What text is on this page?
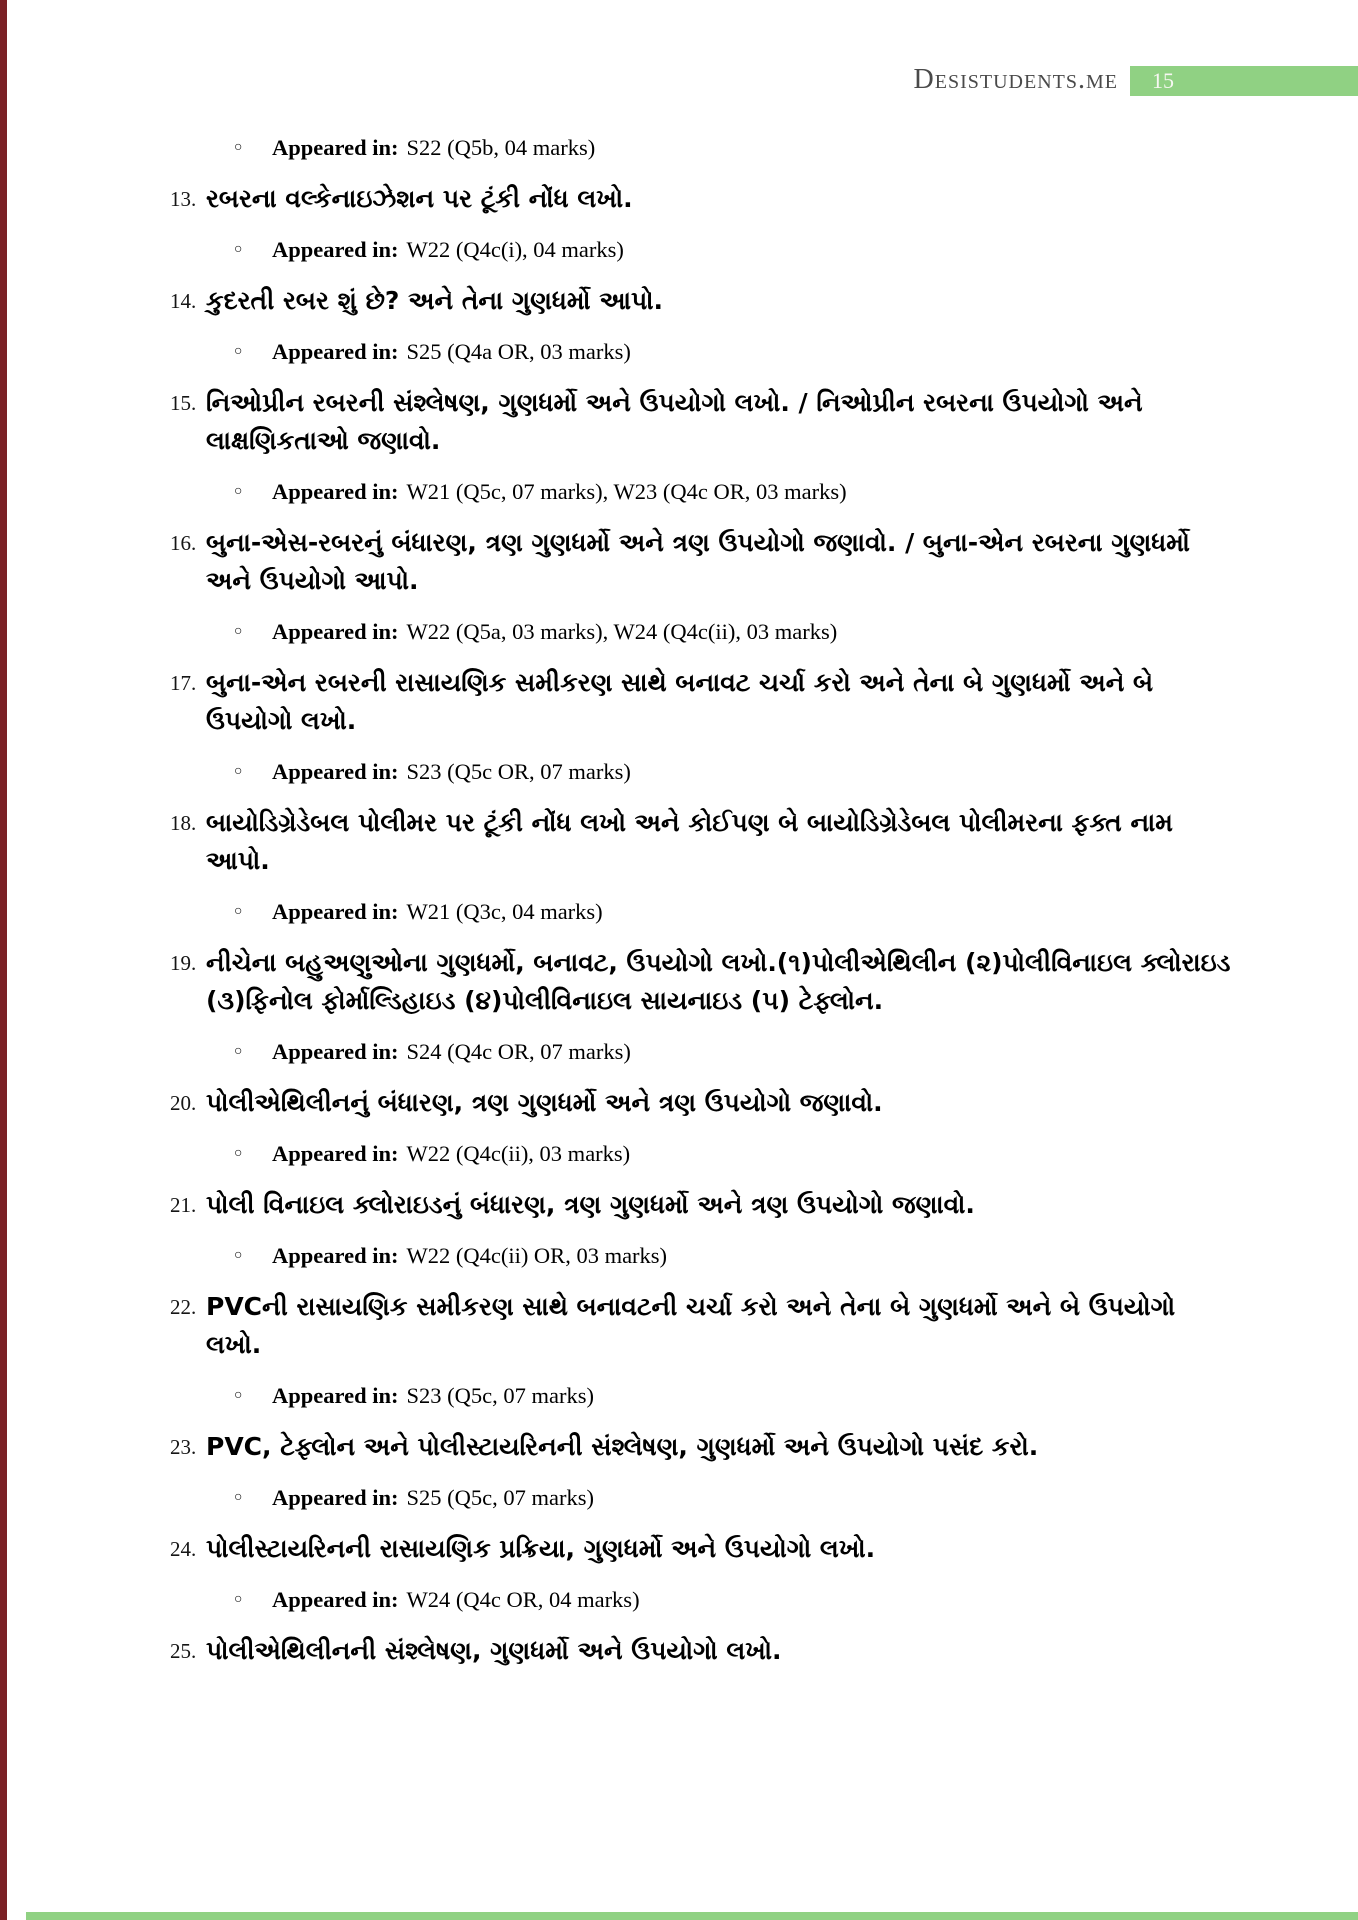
Desistudents.me	15
○	Appeared in: S22 (Q5b, 04 marks)
13. રબરના વલ્કેનાઇઝેશન પર ટૂંકી નોંધ લખો.
○	Appeared in: W22 (Q4c(i), 04 marks)
14. કુદરતી રબર શું છે? અને તેના ગુણધર્મો આપો.
○	Appeared in: S25 (Q4a OR, 03 marks)
15. નિઓપ્રીન રબરની સંશ્લેષણ, ગુણધર્મો અને ઉપયોગો લખો. / નિઓપ્રીન રબરના ઉપયોગો અને લાક્ષણિકતાઓ જણાવો.
○	Appeared in: W21 (Q5c, 07 marks), W23 (Q4c OR, 03 marks)
16. બુના-એસ-રબરનું બંધારણ, ત્રણ ગુણધર્મો અને ત્રણ ઉપયોગો જણાવો. / બુના-એન રબરના ગુણધર્મો અને ઉપયોગો આપો.
○	Appeared in: W22 (Q5a, 03 marks), W24 (Q4c(ii), 03 marks)
17. બુના-એન રબરની રાસાયણિક સમીકરણ સાથે બનાવટ ચર્ચા કરો અને તેના બે ગુણધર્મો અને બે ઉપયોગો લખો.
○	Appeared in: S23 (Q5c OR, 07 marks)
18. બાયોડિગ્રેડેબલ પોલીમર પર ટૂંકી નોંધ લખો અને કોઈપણ બે બાયોડિગ્રેડેબલ પોલીમરના ફક્ત નામ આપો.
○	Appeared in: W21 (Q3c, 04 marks)
19. નીચેના બહુઅણુઓના ગુણધર્મો, બનાવટ, ઉપયોગો લખો.(૧)પોલીએથિલીન (૨)પોલીવિનાઇલ ક્લોરાઇડ (૩)ફિનોલ ફોર્માલ્ડિહાઇડ (૪)પોલીવિનાઇલ સાયનાઇડ (૫) ટેફ્લોન.
○	Appeared in: S24 (Q4c OR, 07 marks)
20. પોલીએથિલીનનું બંધારણ, ત્રણ ગુણધર્મો અને ત્રણ ઉપયોગો જણાવો.
○	Appeared in: W22 (Q4c(ii), 03 marks)
21. પોલી વિનાઇલ ક્લોરાઇડનું બંધારણ, ત્રણ ગુણધર્મો અને ત્રણ ઉપયોગો જણાવો.
○	Appeared in: W22 (Q4c(ii) OR, 03 marks)
22. PVCની રાસાયણિક સમીકરણ સાથે બનાવટની ચર્ચા કરો અને તેના બે ગુણધર્મો અને બે ઉપયોગો લખો.
○	Appeared in: S23 (Q5c, 07 marks)
23. PVC, ટેફ્લોન અને પોલીસ્ટાયરિનની સંશ્લેષણ, ગુણધર્મો અને ઉપયોગો પસંદ કરો.
○	Appeared in: S25 (Q5c, 07 marks)
24. પોલીસ્ટાયરિનની રાસાયણિક પ્રક્રિયા, ગુણધર્મો અને ઉપયોગો લખો.
○	Appeared in: W24 (Q4c OR, 04 marks)
25. પોલીએથિલીનની સંશ્લેષણ, ગુણધર્મો અને ઉપયોગો લખો.
